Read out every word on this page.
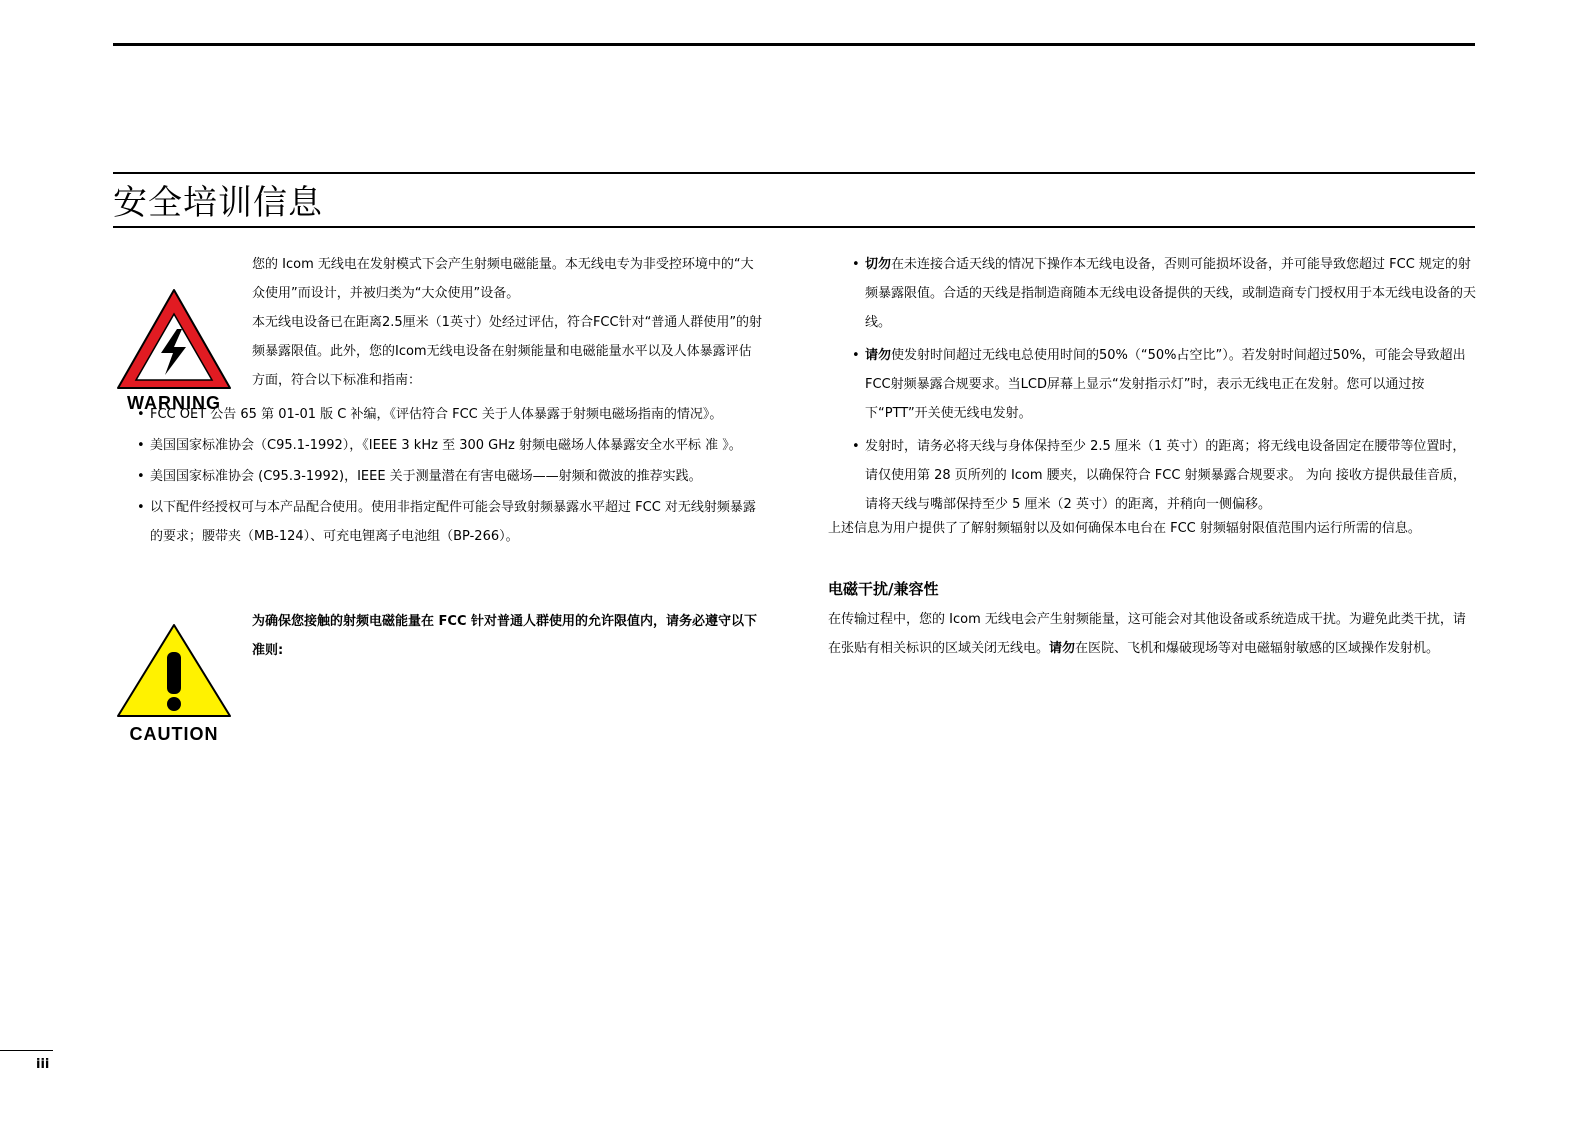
安全培训信息
WARNING
CAUTION

您的 Icom 无线电在发射模式下会产生射频电磁能量。本无线电专为非受控环境中的“大众使用”而设计，并被归类为“大众使用”设备。

本无线电设备已在距离2.5厘米（1英寸）处经过评估，符合FCC针对“普通人群使用”的射频暴露限值。此外，您的Icom无线电设备在射频能量和电磁能量水平以及人体暴露评估方面，符合以下标准和指南：

• FCC OET 公告 65 第 01-01 版 C 补编，《评估符合 FCC 关于人体暴露于射频电磁场指南的情况》。

• 美国国家标准协会（C95.1-1992），《IEEE 3 kHz 至 300 GHz 射频电磁场人体暴露安全水平标 准 》。

• 美国国家标准协会 (C95.3-1992)，IEEE 关于测量潜在有害电磁场——射频和微波的推荐实践。

• 以下配件经授权可与本产品配合使用。使用非指定配件可能会导致射频暴露水平超过 FCC 对无线射频暴露的要求；腰带夹（MB-124）、可充电锂离子电池组（BP-266）。

为确保您接触的射频电磁能量在 FCC 针对普通人群使用的允许限值内，请务必遵守以下准则:

• 切勿在未连接合适天线的情况下操作本无线电设备，否则可能损坏设备，并可能导致您超过 FCC 规定的射频暴露限值。合适的天线是指制造商随本无线电设备提供的天线，或制造商专门授权用于本无线电设备的天线。

• 请勿使发射时间超过无线电总使用时间的50%（“50%占空比”）。若发射时间超过50%，可能会导致超出FCC射频暴露合规要求。当LCD屏幕上显示“发射指示灯”时，表示无线电正在发射。您可以通过按下“PTT”开关使无线电发射。

• 发射时，请务必将天线与身体保持至少 2.5 厘米（1 英寸）的距离；将无线电设备固定在腰带等位置时，请仅使用第 28 页所列的 Icom 腰夹，以确保符合 FCC 射频暴露合规要求。 为向 接收方提供最佳音质，请将天线与嘴部保持至少 5 厘米（2 英寸）的距离，并稍向一侧偏移。

上述信息为用户提供了了解射频辐射以及如何确保本电台在 FCC 射频辐射限值范围内运行所需的信息。
电磁干扰/兼容性
在传输过程中，您的 Icom 无线电会产生射频能量，这可能会对其他设备或系统造成干扰。为避免此类干扰，请在张贴有相关标识的区域关闭无线电。请勿在医院、飞机和爆破现场等对电磁辐射敏感的区域操作发射机。
iii
